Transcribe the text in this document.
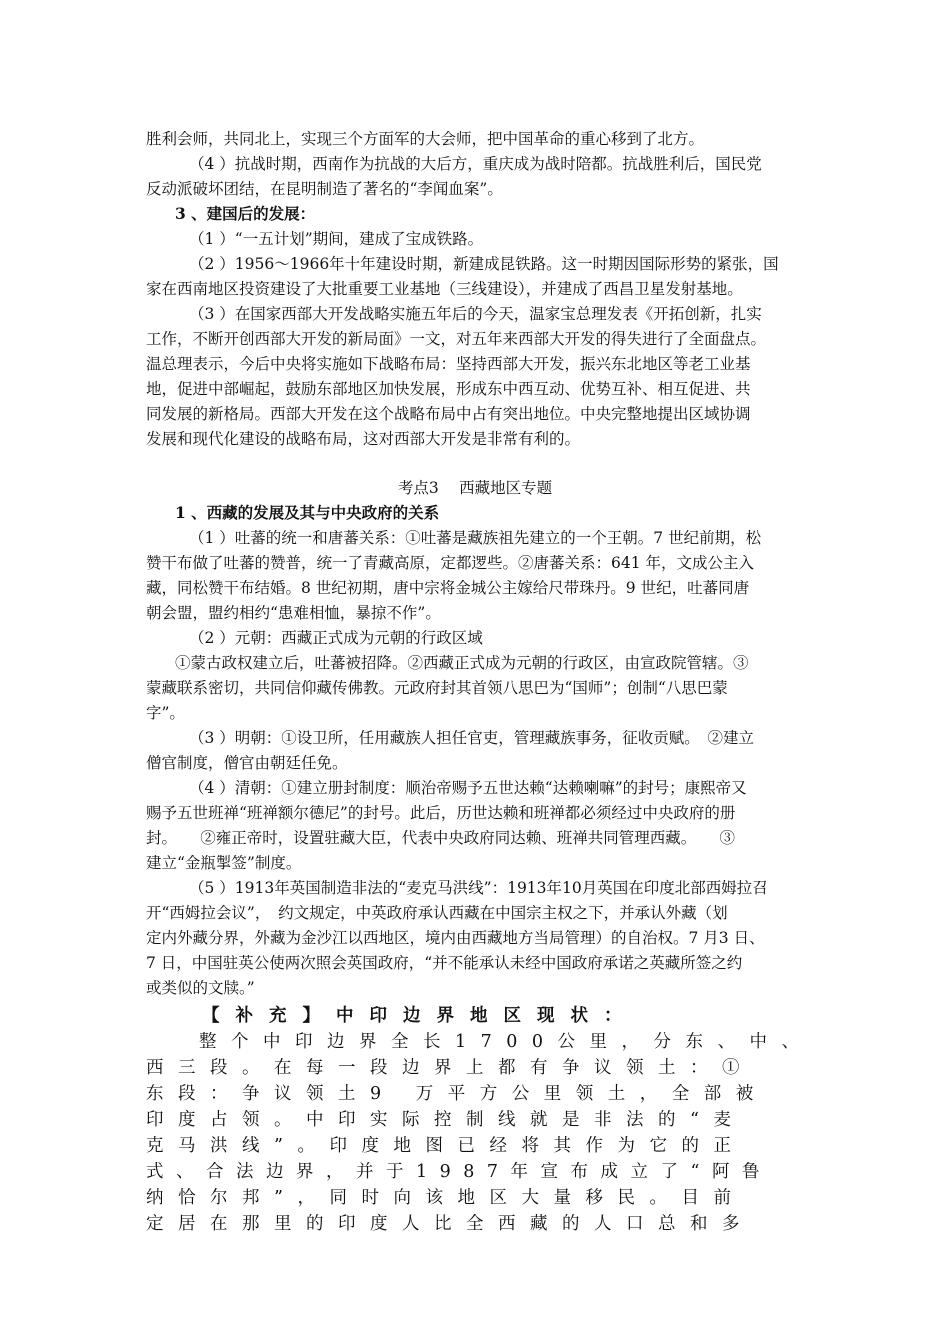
胜利会师，共同北上，实现三个方面军的大会师，把中国革命的重心移到了北方。
（4 ）抗战时期，西南作为抗战的大后方，重庆成为战时陪都。抗战胜利后，国民党
反动派破坏团结，在昆明制造了著名的“李闻血案”。
3 、建国后的发展：
（1 ）“一五计划”期间，建成了宝成铁路。
（2 ）1956～1966年十年建设时期，新建成昆铁路。这一时期因国际形势的紧张，国
家在西南地区投资建设了大批重要工业基地（三线建设），并建成了西昌卫星发射基地。
（3 ）在国家西部大开发战略实施五年后的今天，温家宝总理发表《开拓创新，扎实
工作，不断开创西部大开发的新局面》一文，对五年来西部大开发的得失进行了全面盘点。
温总理表示，今后中央将实施如下战略布局：坚持西部大开发，振兴东北地区等老工业基
地，促进中部崛起，鼓励东部地区加快发展，形成东中西互动、优势互补、相互促进、共
同发展的新格局。西部大开发在这个战略布局中占有突出地位。中央完整地提出区域协调
发展和现代化建设的战略布局，这对西部大开发是非常有利的。
考点3　 西藏地区专题
1 、西藏的发展及其与中央政府的关系
（1 ）吐蕃的统一和唐蕃关系：①吐蕃是藏族祖先建立的一个王朝。7 世纪前期，松
赞干布做了吐蕃的赞普，统一了青藏高原，定都逻些。②唐蕃关系：641 年，文成公主入
藏，同松赞干布结婚。8 世纪初期，唐中宗将金城公主嫁给尺带珠丹。9 世纪，吐蕃同唐
朝会盟，盟约相约“患难相恤，暴掠不作”。
（2 ）元朝：西藏正式成为元朝的行政区域
①蒙古政权建立后，吐蕃被招降。②西藏正式成为元朝的行政区，由宣政院管辖。③
蒙藏联系密切，共同信仰藏传佛教。元政府封其首领八思巴为“国师”；创制“八思巴蒙
字”。
（3 ）明朝：①设卫所，任用藏族人担任官吏，管理藏族事务，征收贡赋。　②建立
僧官制度，僧官由朝廷任免。
（4 ）清朝：①建立册封制度：顺治帝赐予五世达赖“达赖喇嘛”的封号；康熙帝又
赐予五世班禅“班禅额尔德尼”的封号。此后，历世达赖和班禅都必须经过中央政府的册
封。　　②雍正帝时，设置驻藏大臣，代表中央政府同达赖、班禅共同管理西藏。　　③
建立“金瓶掣签”制度。
（5 ）1913年英国制造非法的“麦克马洪线”：1913年10月英国在印度北部西姆拉召
开“西姆拉会议”，　约文规定，中英政府承认西藏在中国宗主权之下，并承认外藏（划
定内外藏分界，外藏为金沙江以西地区，境内由西藏地方当局管理）的自治权。7 月3 日、
7 日，中国驻英公使两次照会英国政府，“并不能承认未经中国政府承诺之英藏所签之约
或类似的文牍。”
【补充】中印边界地区现状：
整个中印边界全长1700公里，分东、中、
西三段。在每一段边界上都有争议领土：①
东段：争议领土9 万平方公里领土，全部被
印度占领。中印实际控制线就是非法的“麦
克马洪线”。印度地图已经将其作为它的正
式、合法边界，并于1987年宣布成立了“阿鲁
纳恰尔邦”，同时向该地区大量移民。目前
定居在那里的印度人比全西藏的人口总和多
